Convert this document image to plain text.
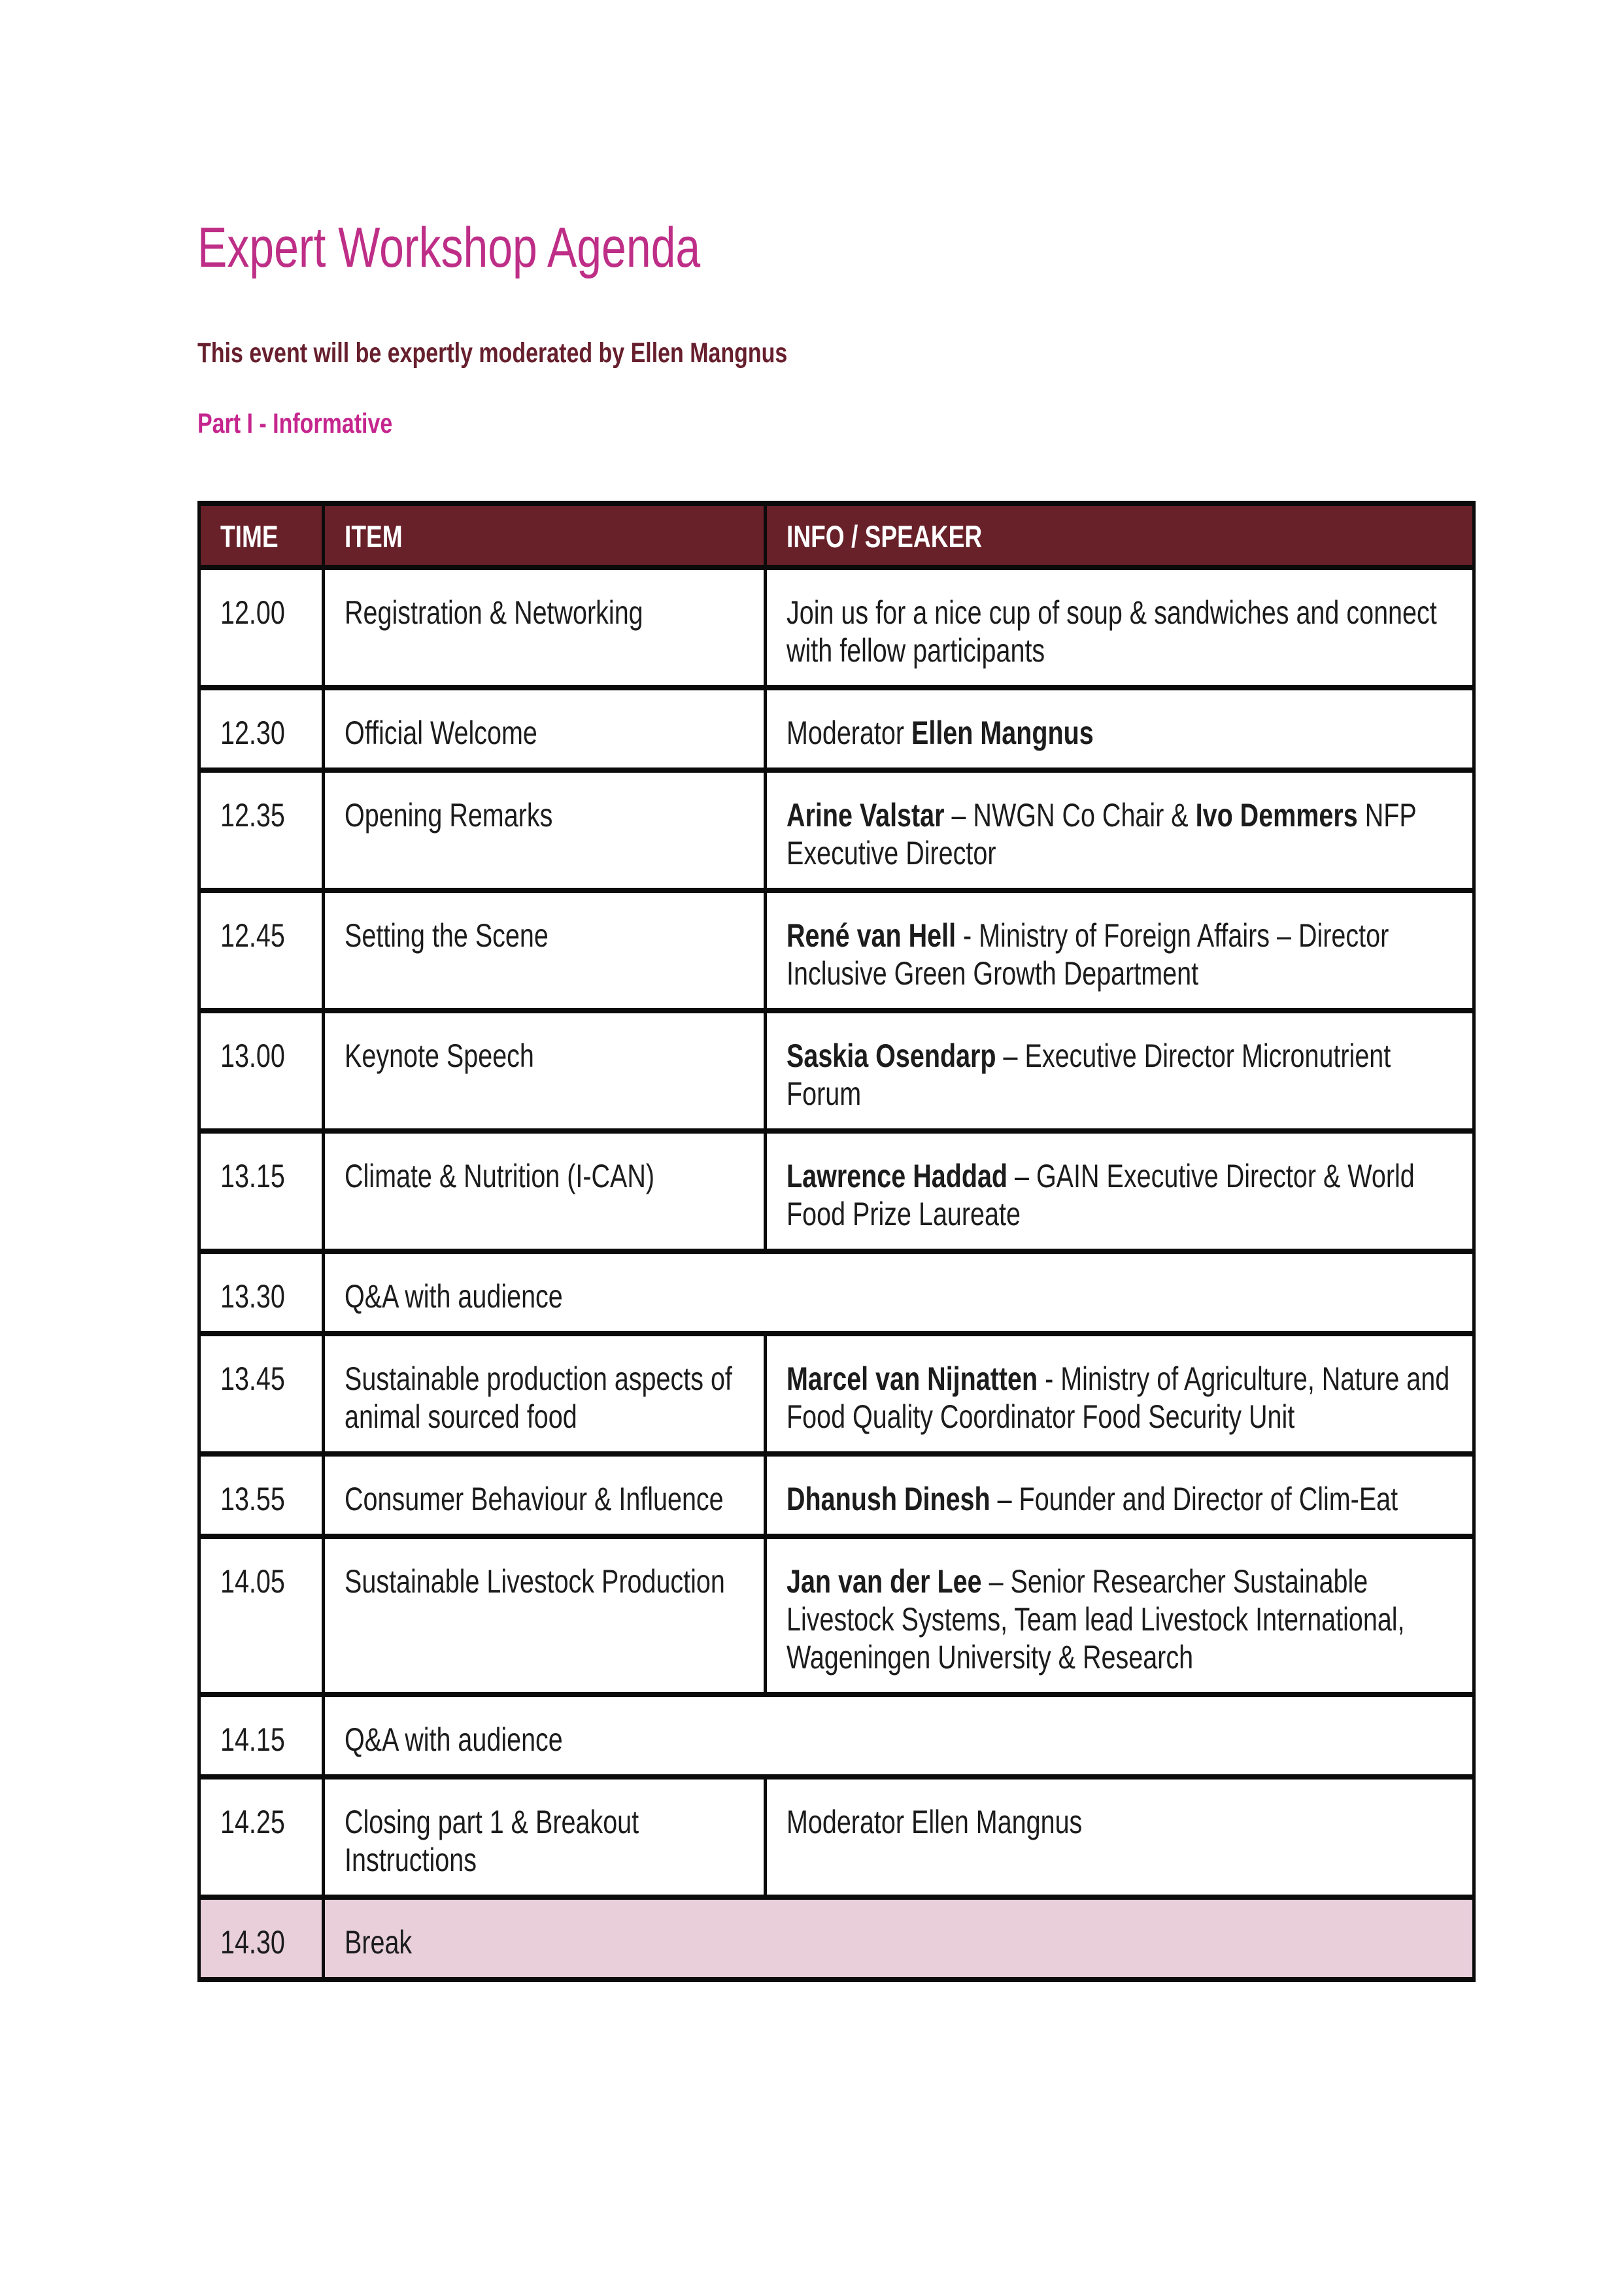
Expert Workshop Agenda

This event will be expertly moderated by Ellen Mangnus

Part I - Informative

TIME	ITEM	INFO / SPEAKER

12.00	Registration & Networking	Join us for a nice cup of soup & sandwiches and connect with fellow participants

12.30	Official Welcome	Moderator Ellen Mangnus

12.35	Opening Remarks	Arine Valstar – NWGN Co Chair & Ivo Demmers NFP Executive Director

12.45	Setting the Scene	René van Hell - Ministry of Foreign Affairs – Director Inclusive Green Growth Department

13.00	Keynote Speech	Saskia Osendarp – Executive Director Micronutrient Forum

13.15	Climate & Nutrition (I-CAN)	Lawrence Haddad – GAIN Executive Director & World Food Prize Laureate

13.30	Q&A with audience	

13.45	Sustainable production aspects of animal sourced food	Marcel van Nijnatten - Ministry of Agriculture, Nature and Food Quality Coordinator Food Security Unit

13.55	Consumer Behaviour & Influence	Dhanush Dinesh – Founder and Director of Clim-Eat

14.05	Sustainable Livestock Production	Jan van der Lee – Senior Researcher Sustainable Livestock Systems, Team lead Livestock International, Wageningen University & Research

14.15	Q&A with audience	

14.25	Closing part 1 & Breakout Instructions	Moderator Ellen Mangnus

14.30	Break	
